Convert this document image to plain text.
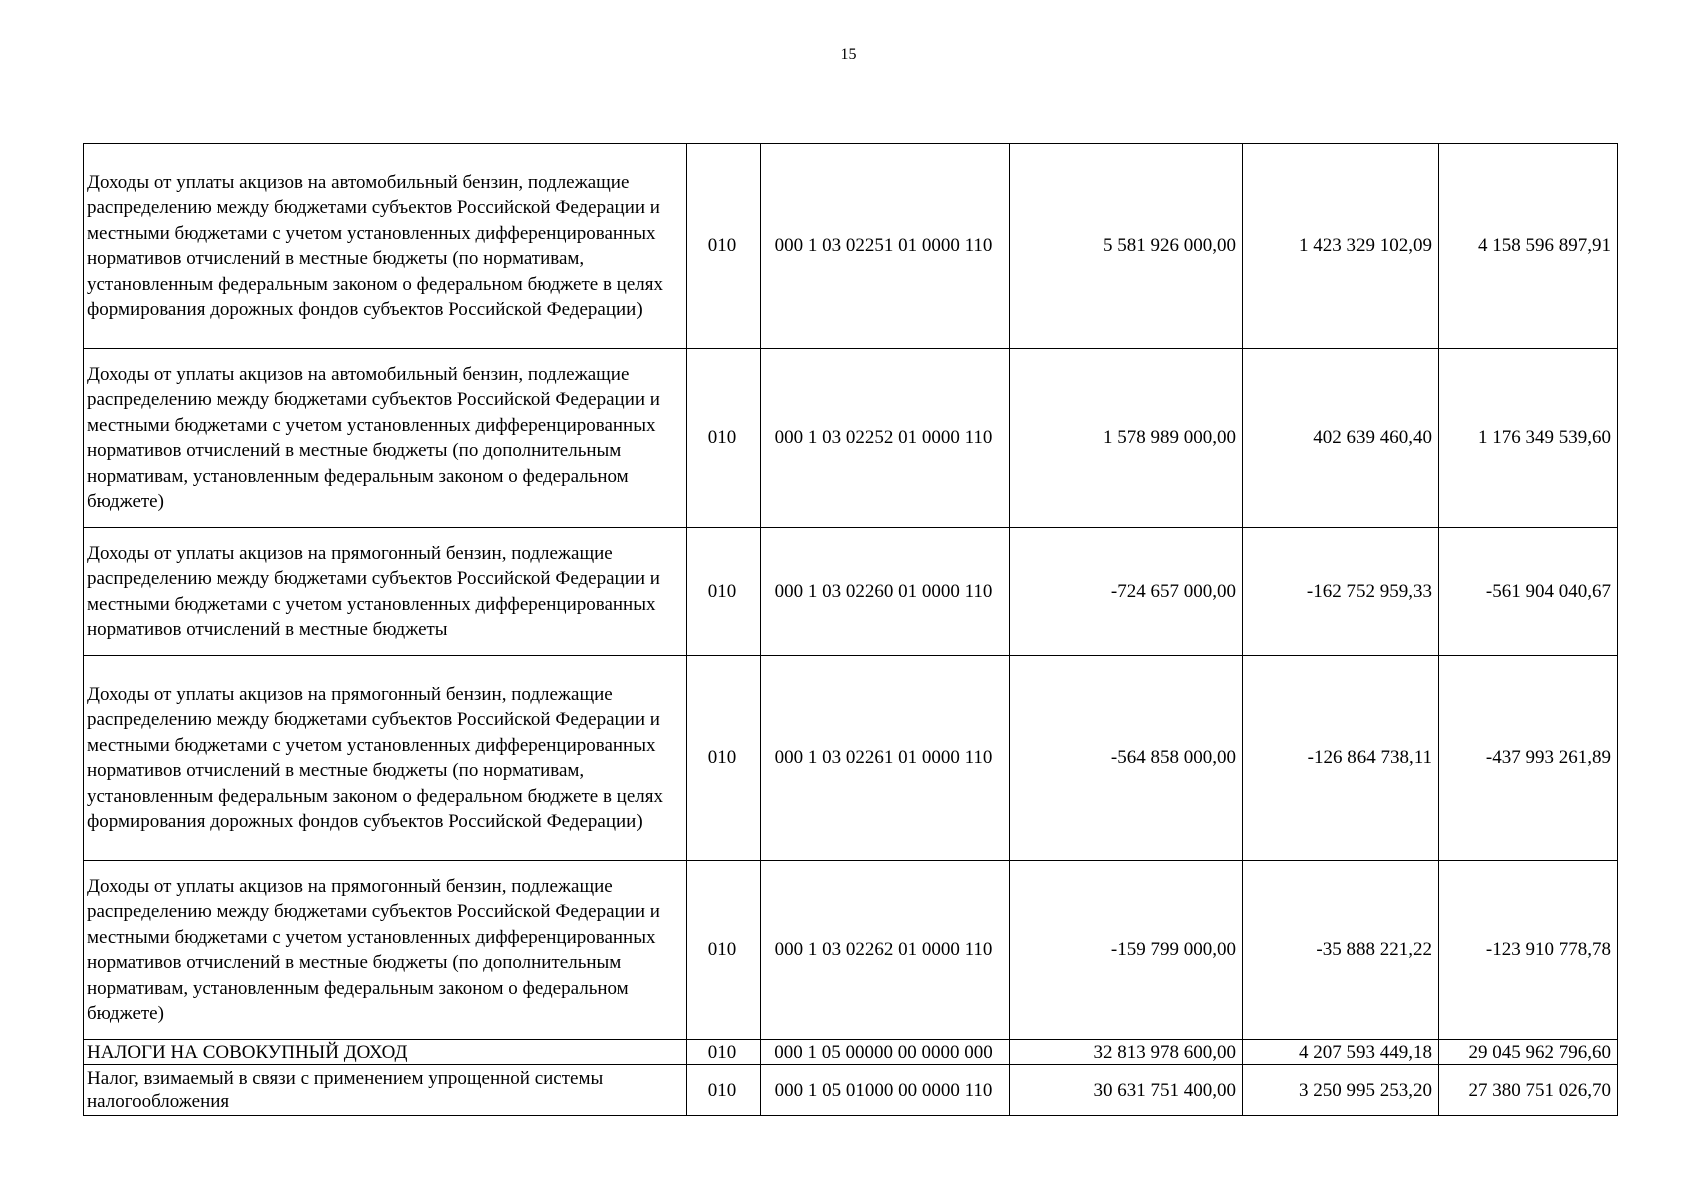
15
Доходы от уплаты акцизов на автомобильный бензин, подлежащие распределению между бюджетами субъектов Российской Федерации и местными бюджетами с учетом установленных дифференцированных нормативов отчислений в местные бюджеты (по нормативам, установленным федеральным законом о федеральном бюджете в целях формирования дорожных фондов субъектов Российской Федерации)	010	000 1 03 02251 01 0000 110	5 581 926 000,00	1 423 329 102,09	4 158 596 897,91
Доходы от уплаты акцизов на автомобильный бензин, подлежащие распределению между бюджетами субъектов Российской Федерации и местными бюджетами с учетом установленных дифференцированных нормативов отчислений в местные бюджеты (по дополнительным нормативам, установленным федеральным законом о федеральном бюджете)	010	000 1 03 02252 01 0000 110	1 578 989 000,00	402 639 460,40	1 176 349 539,60
Доходы от уплаты акцизов на прямогонный бензин, подлежащие распределению между бюджетами субъектов Российской Федерации и местными бюджетами с учетом установленных дифференцированных нормативов отчислений в местные бюджеты	010	000 1 03 02260 01 0000 110	-724 657 000,00	-162 752 959,33	-561 904 040,67
Доходы от уплаты акцизов на прямогонный бензин, подлежащие распределению между бюджетами субъектов Российской Федерации и местными бюджетами с учетом установленных дифференцированных нормативов отчислений в местные бюджеты (по нормативам, установленным федеральным законом о федеральном бюджете в целях формирования дорожных фондов субъектов Российской Федерации)	010	000 1 03 02261 01 0000 110	-564 858 000,00	-126 864 738,11	-437 993 261,89
Доходы от уплаты акцизов на прямогонный бензин, подлежащие распределению между бюджетами субъектов Российской Федерации и местными бюджетами с учетом установленных дифференцированных нормативов отчислений в местные бюджеты (по дополнительным нормативам, установленным федеральным законом о федеральном бюджете)	010	000 1 03 02262 01 0000 110	-159 799 000,00	-35 888 221,22	-123 910 778,78
НАЛОГИ НА СОВОКУПНЫЙ ДОХОД	010	000 1 05 00000 00 0000 000	32 813 978 600,00	4 207 593 449,18	29 045 962 796,60
Налог, взимаемый в связи с применением упрощенной системы налогообложения	010	000 1 05 01000 00 0000 110	30 631 751 400,00	3 250 995 253,20	27 380 751 026,70
